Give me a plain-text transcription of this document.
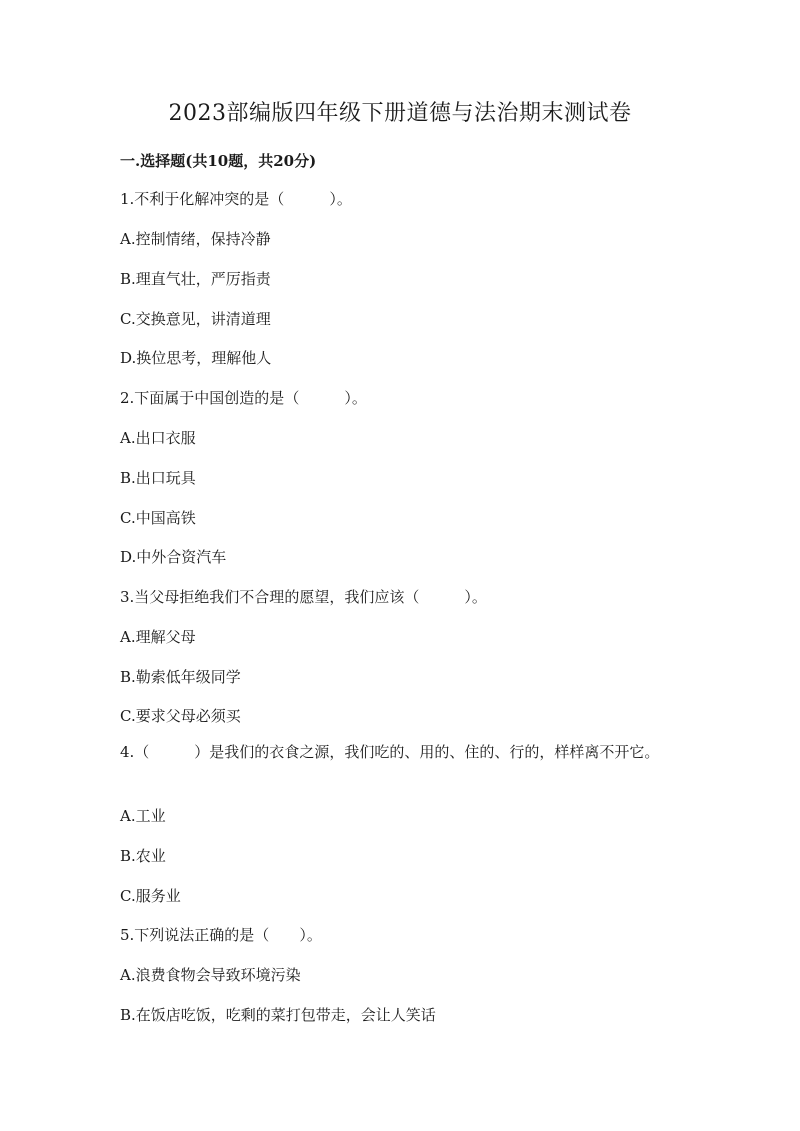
2023部编版四年级下册道德与法治期末测试卷

一.选择题(共10题，共20分)

1.不利于化解冲突的是（　　　）。

A.控制情绪，保持冷静

B.理直气壮，严厉指责

C.交换意见，讲清道理

D.换位思考，理解他人

2.下面属于中国创造的是（　　　）。

A.出口衣服

B.出口玩具

C.中国高铁

D.中外合资汽车

3.当父母拒绝我们不合理的愿望，我们应该（　　　）。

A.理解父母

B.勒索低年级同学

C.要求父母必须买

4.（　　　）是我们的衣食之源，我们吃的、用的、住的、行的，样样离不开它。

A.工业

B.农业

C.服务业

5.下列说法正确的是（　　）。

A.浪费食物会导致环境污染

B.在饭店吃饭，吃剩的菜打包带走，会让人笑话
